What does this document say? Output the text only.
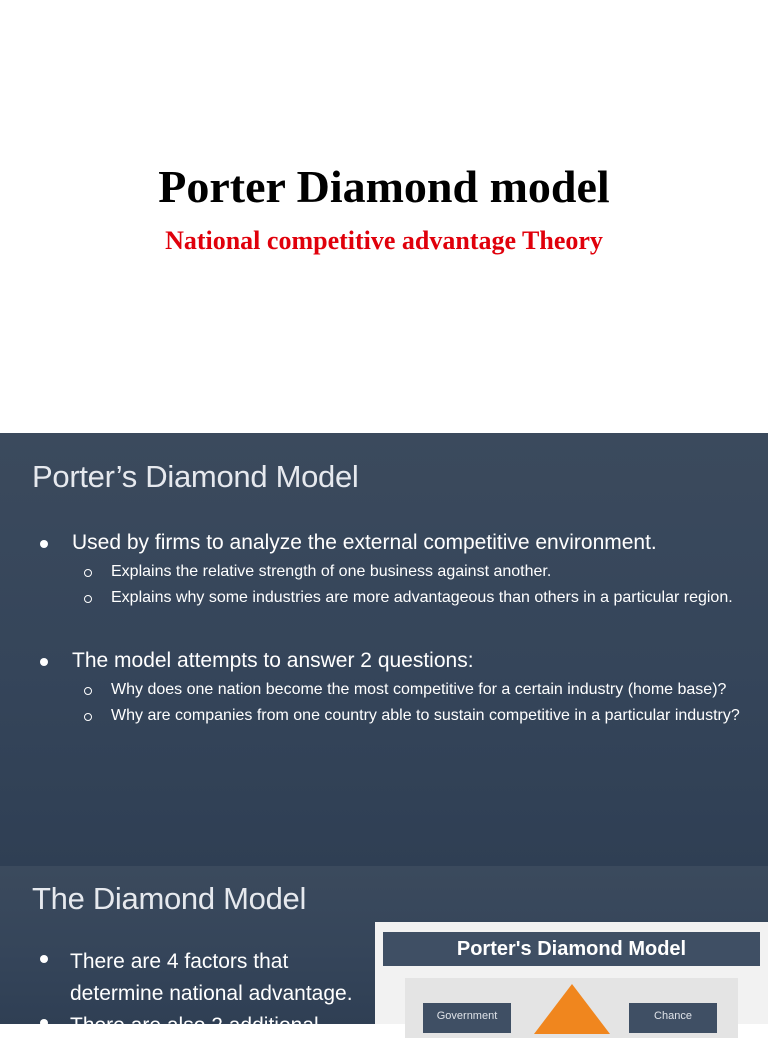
Porter Diamond model
National competitive advantage Theory
Porter’s Diamond Model
Used by firms to analyze the external competitive environment.
Explains the relative strength of one business against another.
Explains why some industries are more advantageous than others in a particular region.
The model attempts to answer 2 questions:
Why does one nation become the most competitive for a certain industry (home base)?
Why are companies from one country able to sustain competitive in a particular industry?
The Diamond Model
There are 4 factors that
determine national advantage.
There are also 2 additional
Porter's Diamond Model
Government	Chance
